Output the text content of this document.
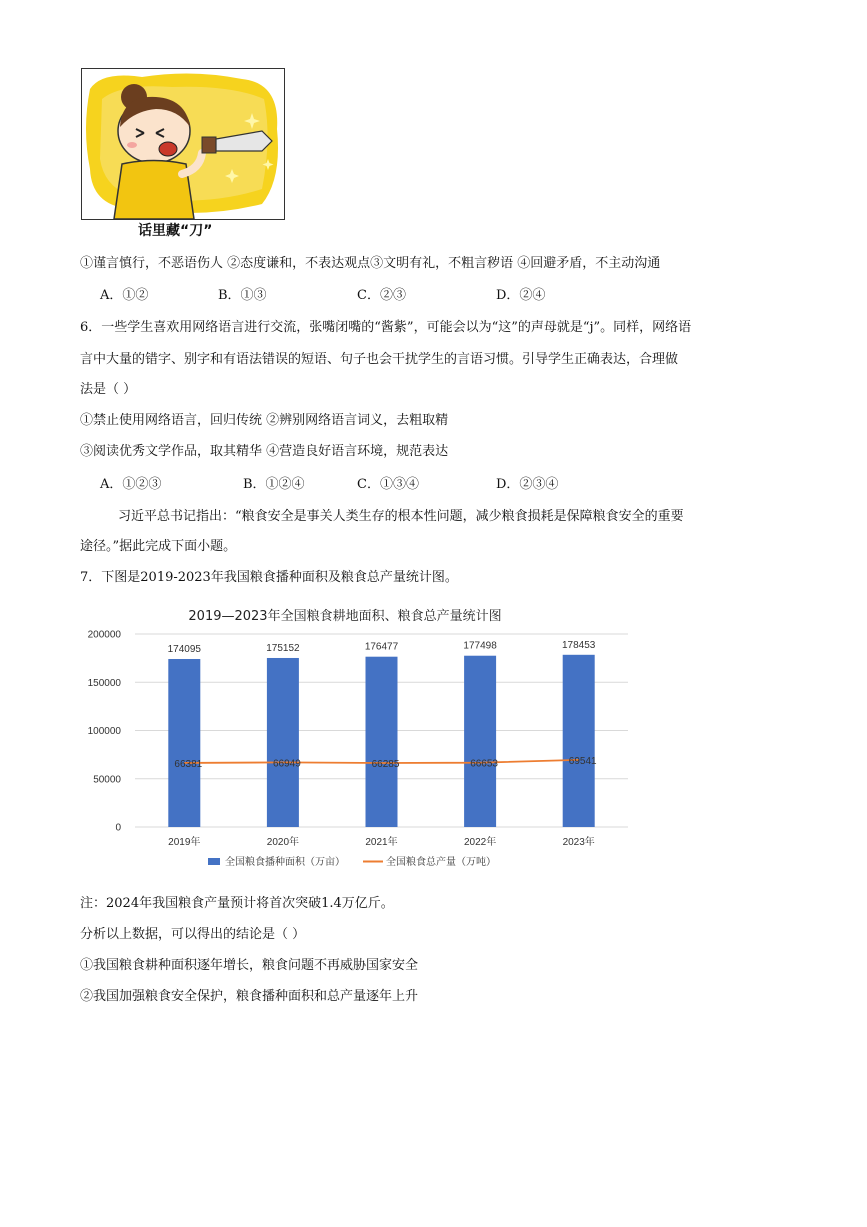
话里藏“刀”
①谨言慎行，不恶语伤人 ②态度谦和，不表达观点③文明有礼，不粗言秽语 ④回避矛盾，不主动沟通
A．①②	B．①③	C．②③	D．②④
6．一些学生喜欢用网络语言进行交流，张嘴闭嘴的“酱紫”，可能会以为“这”的声母就是“j”。同样，网络语
言中大量的错字、别字和有语法错误的短语、句子也会干扰学生的言语习惯。引导学生正确表达，合理做
法是（ ）
①禁止使用网络语言，回归传统 ②辨别网络语言词义，去粗取精
③阅读优秀文学作品，取其精华 ④营造良好语言环境，规范表达
A．①②③	B．①②④	C．①③④	D．②③④
习近平总书记指出：“粮食安全是事关人类生存的根本性问题，减少粮食损耗是保障粮食安全的重要
途径。”据此完成下面小题。
7．下图是2019-2023年我国粮食播种面积及粮食总产量统计图。
2019—2023年全国粮食耕地面积、粮食总产量统计图
0
50000
100000
150000
200000
174095
2019年
175152
2020年
176477
2021年
177498
2022年
178453
2023年
66381	66949	66285	66653	69541
全国粮食播种面积（万亩）	全国粮食总产量（万吨）
注：2024年我国粮食产量预计将首次突破1.4万亿斤。
分析以上数据，可以得出的结论是（ ）
①我国粮食耕种面积逐年增长，粮食问题不再威胁国家安全
②我国加强粮食安全保护，粮食播种面积和总产量逐年上升
